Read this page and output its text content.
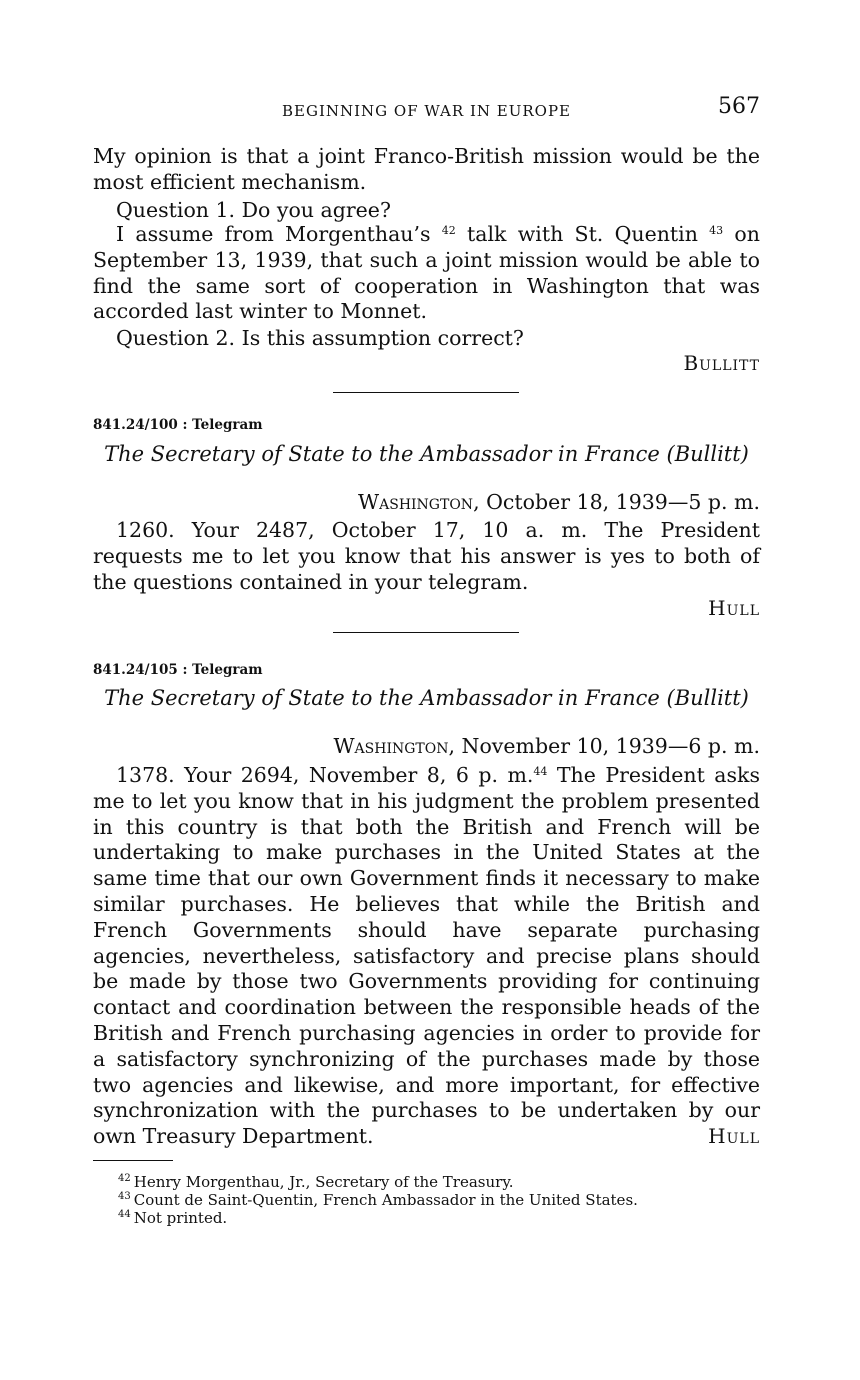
BEGINNING OF WAR IN EUROPE	567

My opinion is that a joint Franco-British mission would be the most efficient mechanism.

Question 1. Do you agree?

I assume from Morgenthau’s $^{42}$ talk with St. Quentin $^{43}$ on September 13, 1939, that such a joint mission would be able to find the same sort of cooperation in Washington that was accorded last winter to Monnet.

Question 2. Is this assumption correct?

Bullitt
841.24/100 : Telegram
The Secretary of State to the Ambassador in France (Bullitt)
Washington, October 18, 1939—5 p. m.

1260. Your 2487, October 17, 10 a. m. The President requests me to let you know that his answer is yes to both of the questions contained in your telegram.

Hull
841.24/105 : Telegram
The Secretary of State to the Ambassador in France (Bullitt)
Washington, November 10, 1939—6 p. m.

1378. Your 2694, November 8, 6 p. m.$^{44}$ The President asks me to let you know that in his judgment the problem presented in this country is that both the British and French will be undertaking to make purchases in the United States at the same time that our own Government finds it necessary to make similar purchases. He believes that while the British and French Governments should have separate purchasing agencies, nevertheless, satisfactory and precise plans should be made by those two Governments providing for continuing contact and coordination between the responsible heads of the British and French purchasing agencies in order to provide for a satisfactory synchronizing of the purchases made by those two agencies and likewise, and more important, for effective synchronization with the purchases to be undertaken by our own Treasury Department.	Hull
$^{42}$ Henry Morgenthau, Jr., Secretary of the Treasury.
$^{43}$ Count de Saint-Quentin, French Ambassador in the United States.
$^{44}$ Not printed.
